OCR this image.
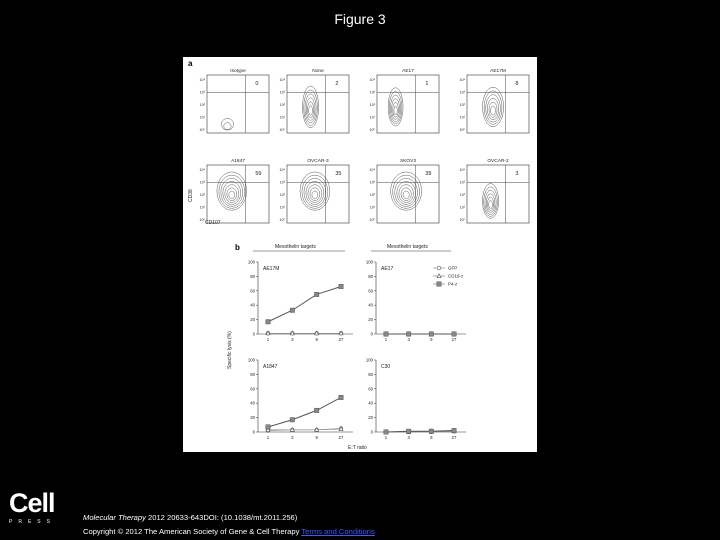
Figure 3
a
b
CD38
CD107
Mesothelin targets	Mesothelin targets
Specific lysis (%)
E:T ratio
Isotype
0
10⁴
10³
10²
10¹
10⁰
None
2
10⁴
10³
10²
10¹
10⁰
AE17
1
10⁴
10³
10²
10¹
10⁰
AE17M
8
10⁴
10³
10²
10¹
10⁰
A1847
59
10⁴
10³
10²
10¹
10⁰
OVCAR-3
35
10⁴
10³
10²
10¹
10⁰
SKOV3
39
10⁴
10³
10²
10¹
10⁰
OVCAR-2
3
10⁴
10³
10²
10¹
10⁰
0
20
40
60
80
100
1	3	9	27
AE17M
0
20
40
60
80
100
1	3	9	27
AE17
0
20
40
60
80
100
1	3	9	27
A1847
0
20
40
60
80
100
1	3	9	27
C30
GFP
CD19-z
P4-z
Cell
PRESS	Molecular Therapy 2012 20633-643DOI: (10.1038/mt.2011.256)
Copyright © 2012 The American Society of Gene & Cell Therapy Terms and Conditions
